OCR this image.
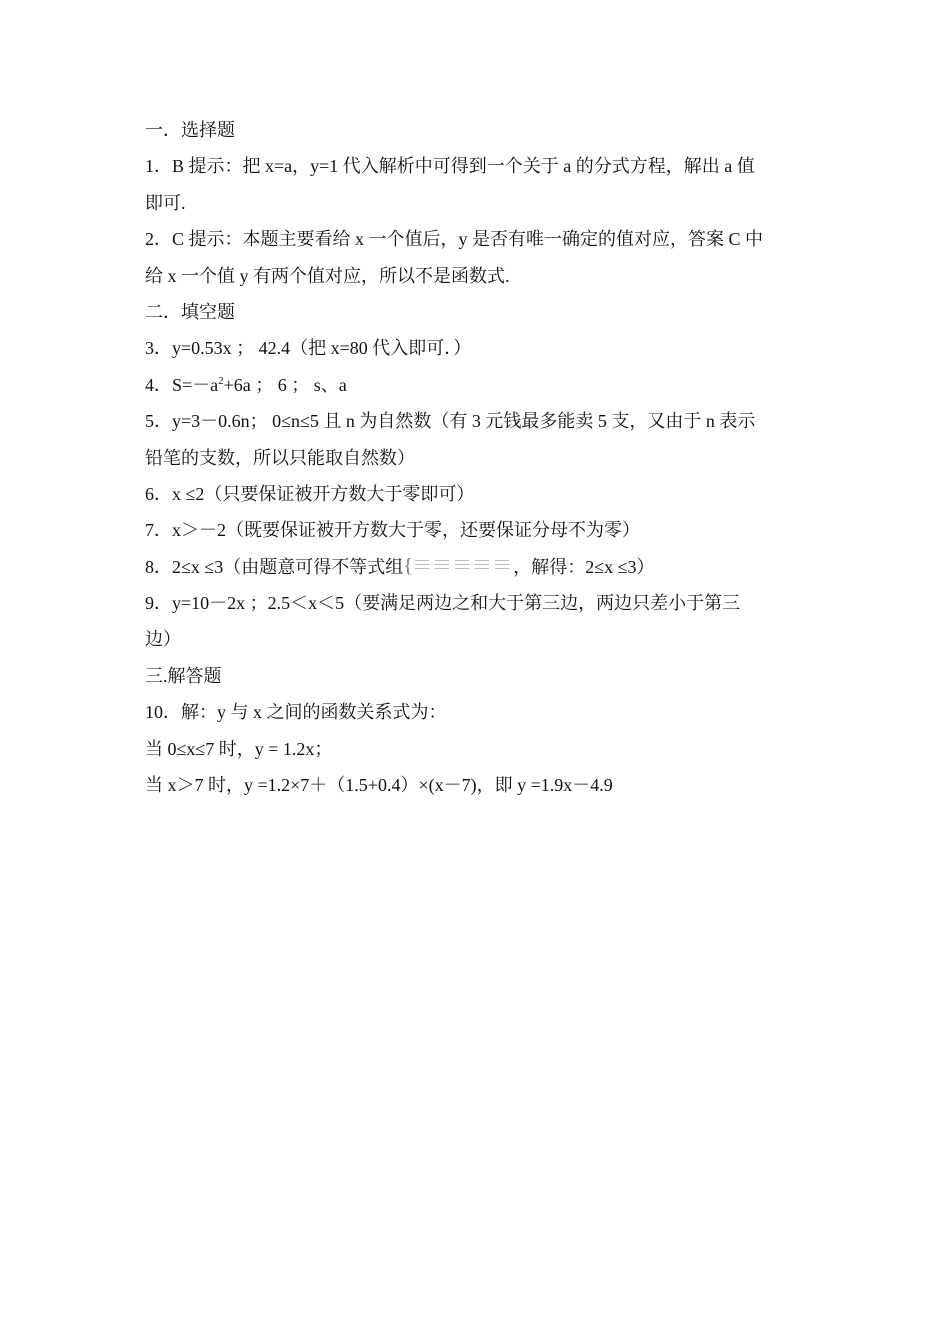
一．选择题
1．B 提示：把 x=a，y=1 代入解析中可得到一个关于 a 的分式方程，解出 a 值
即可.
2．C 提示：本题主要看给 x 一个值后，y 是否有唯一确定的值对应，答案 C 中
给 x 一个值 y 有两个值对应，所以不是函数式.
二．填空题
3．y=0.53x ； 42.4（把 x=80 代入即可．）
4．$S=-a^2+6a$ ； 6 ； s、a
5．y=3－0.6n； 0≤n≤5 且 n 为自然数（有 3 元钱最多能卖 5 支，又由于 n 表示
铅笔的支数，所以只能取自然数）
6．x ≤2（只要保证被开方数大于零即可）
7．x＞－2（既要保证被开方数大于零，还要保证分母不为零）
8．2≤x ≤3（由题意可得不等式组 {	，解得：2≤x ≤3）
9．y=10－2x ；2.5＜x＜5（要满足两边之和大于第三边，两边只差小于第三
边）
三.解答题
10．解：y 与 x 之间的函数关系式为：
当 0≤x≤7 时，y = 1.2x；
当 x＞7 时，y =1.2×7＋（1.5+0.4）×(x－7)，即 y =1.9x－4.9
